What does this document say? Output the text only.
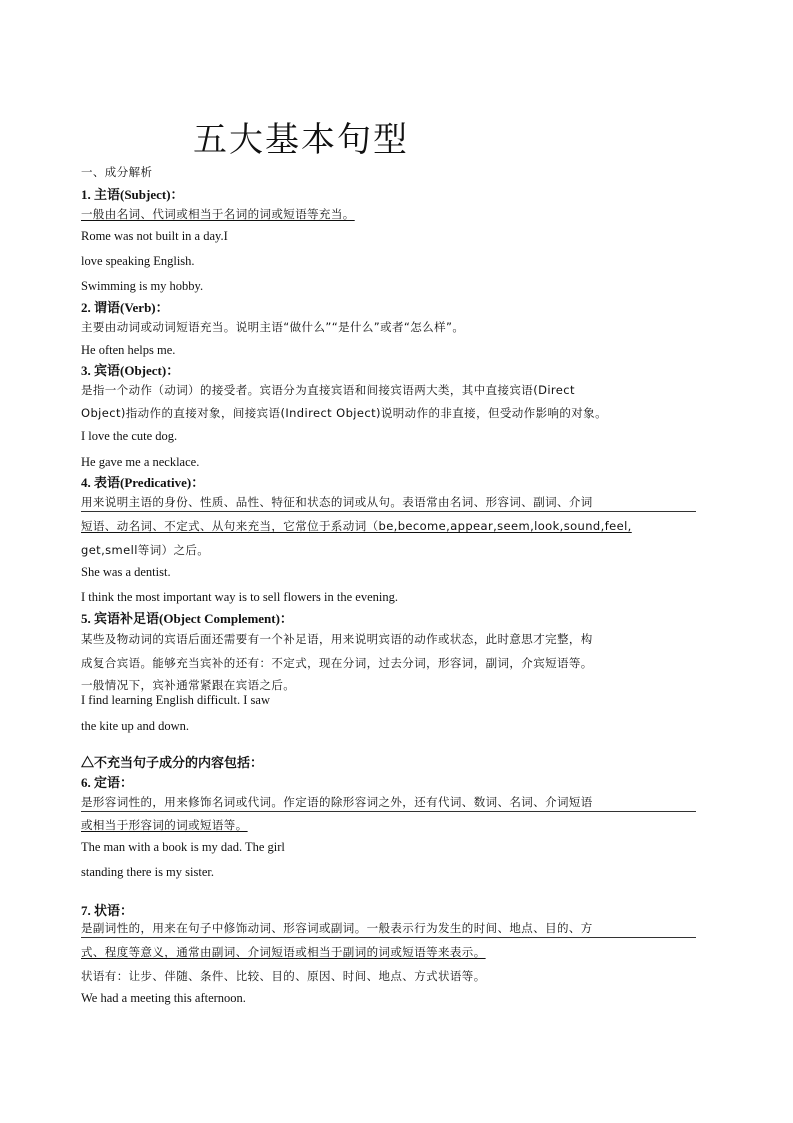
五大基本句型
一、成分解析
1. 主语(Subject)：
一般由名词、代词或相当于名词的词或短语等充当。
Rome was not built in a day.I
love speaking English.
Swimming is my hobby.
2. 谓语(Verb)：
主要由动词或动词短语充当。说明主语“做什么”“是什么”或者“怎么样”。
He often helps me.
3. 宾语(Object)：
是指一个动作（动词）的接受者。宾语分为直接宾语和间接宾语两大类，其中直接宾语(Direct
Object)指动作的直接对象，间接宾语(Indirect Object)说明动作的非直接，但受动作影响的对象。
I love the cute dog.
He gave me a necklace.
4. 表语(Predicative)：
用来说明主语的身份、性质、品性、特征和状态的词或从句。表语常由名词、形容词、副词、介词
短语、动名词、不定式、从句来充当，它常位于系动词（be,become,appear,seem,look,sound,feel,
get,smell等词）之后。
She was a dentist.
I think the most important way is to sell flowers in the evening.
5. 宾语补足语(Object Complement)：
某些及物动词的宾语后面还需要有一个补足语，用来说明宾语的动作或状态，此时意思才完整，构
成复合宾语。能够充当宾补的还有：不定式，现在分词，过去分词，形容词，副词，介宾短语等。
一般情况下，宾补通常紧跟在宾语之后。
I find learning English difficult. I saw
the kite up and down.
△不充当句子成分的内容包括：
6. 定语：
是形容词性的，用来修饰名词或代词。作定语的除形容词之外，还有代词、数词、名词、介词短语
或相当于形容词的词或短语等。
The man with a book is my dad. The girl
standing there is my sister.
7. 状语：
是副词性的，用来在句子中修饰动词、形容词或副词。一般表示行为发生的时间、地点、目的、方
式、程度等意义，通常由副词、介词短语或相当于副词的词或短语等来表示。
状语有：让步、伴随、条件、比较、目的、原因、时间、地点、方式状语等。
We had a meeting this afternoon.
